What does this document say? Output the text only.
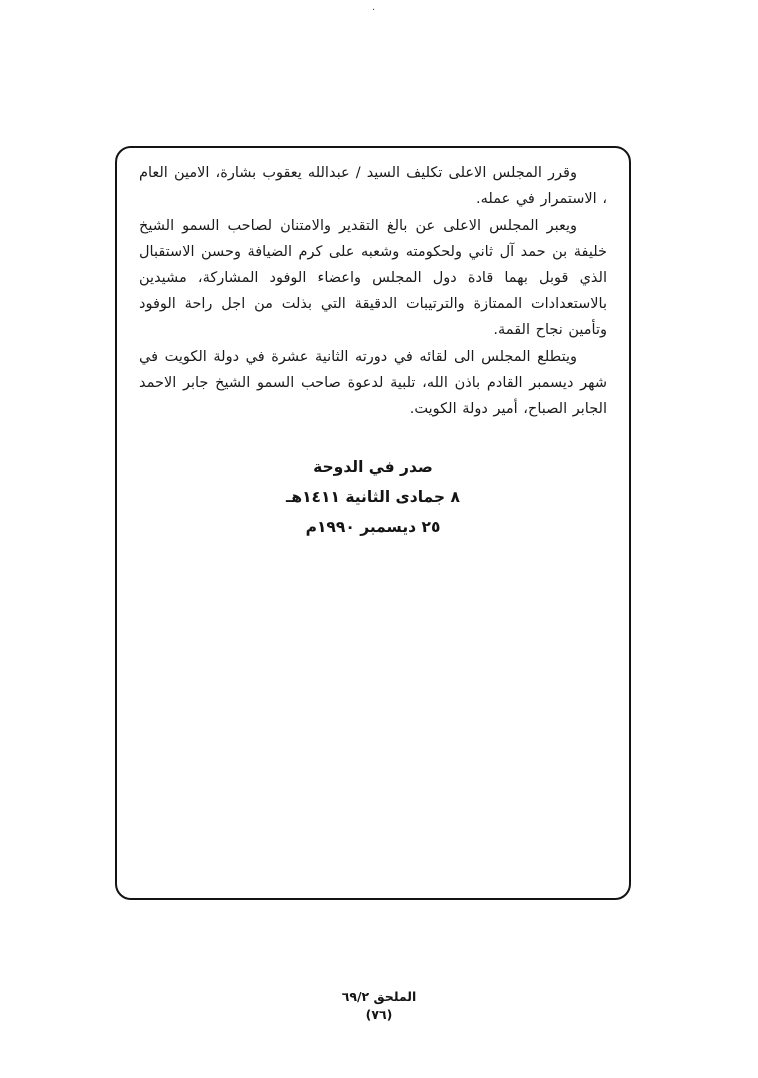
.

وقرر المجلس الاعلى تكليف السيد / عبدالله يعقوب بشارة، الامين العام ، الاستمرار في عمله.

ويعبر المجلس الاعلى عن بالغ التقدير والامتنان لصاحب السمو الشيخ خليفة بن حمد آل ثاني ولحكومته وشعبه على كرم الضيافة وحسن الاستقبال الذي قوبل بهما قادة دول المجلس واعضاء الوفود المشاركة، مشيدين بالاستعدادات الممتازة والترتيبات الدقيقة التي بذلت من اجل راحة الوفود وتأمين نجاح القمة.

ويتطلع المجلس الى لقائه في دورته الثانية عشرة في دولة الكويت في شهر ديسمبر القادم باذن الله، تلبية لدعوة صاحب السمو الشيخ جابر الاحمد الجابر الصباح، أمير دولة الكويت.

صدر في الدوحة
٨ جمادى الثانية ١٤١١هـ
٢٥ ديسمبر ١٩٩٠م
الملحق ٦٩/٢
(٧٦)
